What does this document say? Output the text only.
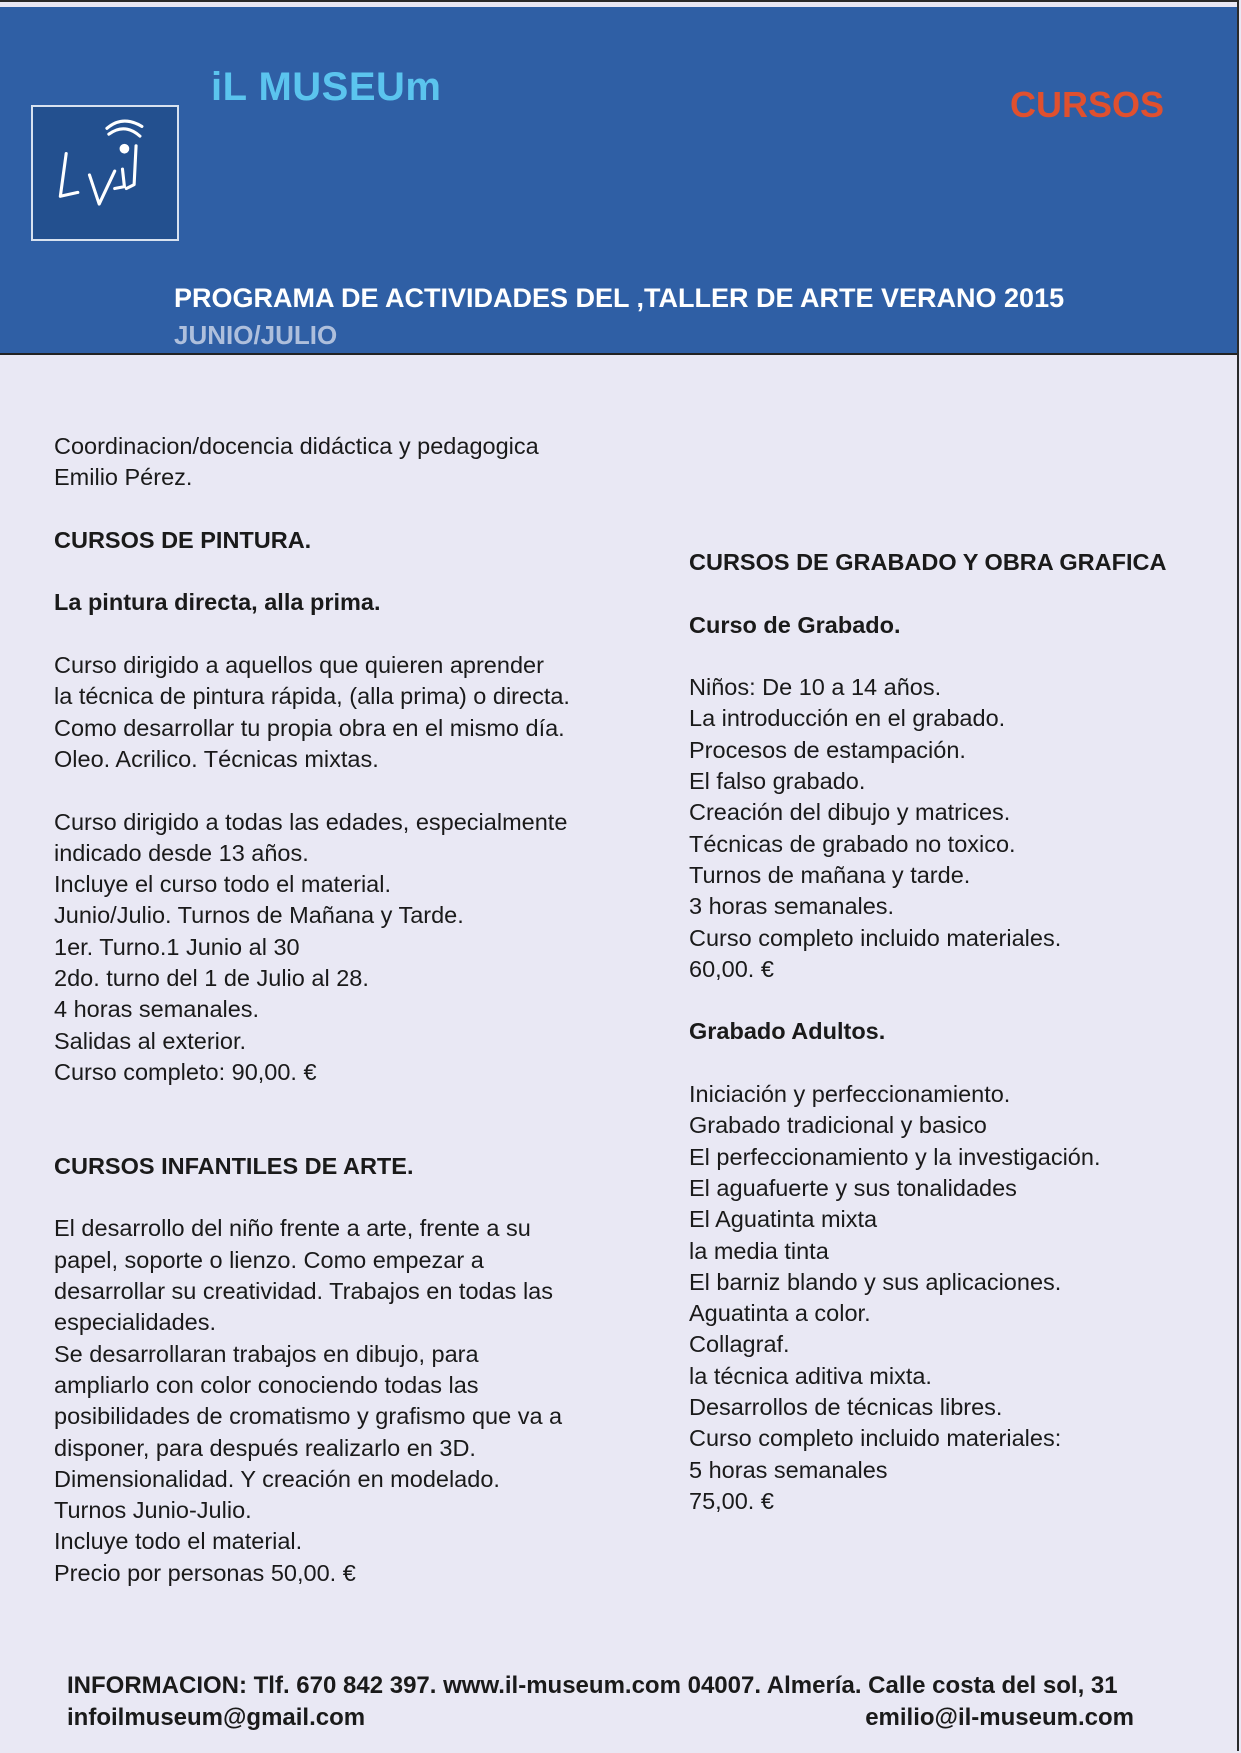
iL MUSEUm	CURSOS
PROGRAMA DE ACTIVIDADES DEL ,TALLER DE ARTE VERANO 2015
JUNIO/JULIO

Coordinacion/docencia didáctica y pedagogica

Emilio Pérez.

CURSOS DE PINTURA.
La pintura directa, alla prima.

Curso dirigido a aquellos que quieren aprender

la técnica de pintura rápida, (alla prima) o directa.

Como desarrollar tu propia obra en el mismo día.

Oleo. Acrilico. Técnicas mixtas.

Curso dirigido a todas las edades, especialmente

indicado desde 13 años.

Incluye el curso todo el material.

Junio/Julio. Turnos de Mañana y Tarde.

1er. Turno.1 Junio al 30

2do. turno del 1 de Julio al 28.

4 horas semanales.

Salidas al exterior.

Curso completo: 90,00. €

CURSOS INFANTILES DE ARTE.

El desarrollo del niño frente a arte, frente a su

papel, soporte o lienzo. Como empezar a

desarrollar su creatividad. Trabajos en todas las

especialidades.

Se desarrollaran trabajos en dibujo, para

ampliarlo con color conociendo todas las

posibilidades de cromatismo y grafismo que va a

disponer, para después realizarlo en 3D.

Dimensionalidad. Y creación en modelado.

Turnos Junio-Julio.

Incluye todo el material.

Precio por personas 50,00. €

CURSOS DE GRABADO Y OBRA GRAFICA
Curso de Grabado.

Niños: De 10 a 14 años.

La introducción en el grabado.

Procesos de estampación.

El falso grabado.

Creación del dibujo y matrices.

Técnicas de grabado no toxico.

Turnos de mañana y tarde.

3 horas semanales.

Curso completo incluido materiales.

60,00. €

Grabado Adultos.

Iniciación y perfeccionamiento.

Grabado tradicional y basico

El perfeccionamiento y la investigación.

El aguafuerte y sus tonalidades

El Aguatinta mixta

la media tinta

El barniz blando y sus aplicaciones.

Aguatinta a color.

Collagraf.

la técnica aditiva mixta.

Desarrollos de técnicas libres.

Curso completo incluido materiales:

5 horas semanales

75,00. €

INFORMACION: Tlf. 670 842 397. www.il-museum.com 04007. Almería. Calle costa del sol, 31
infoilmuseum@gmail.com	emilio@il-museum.com
